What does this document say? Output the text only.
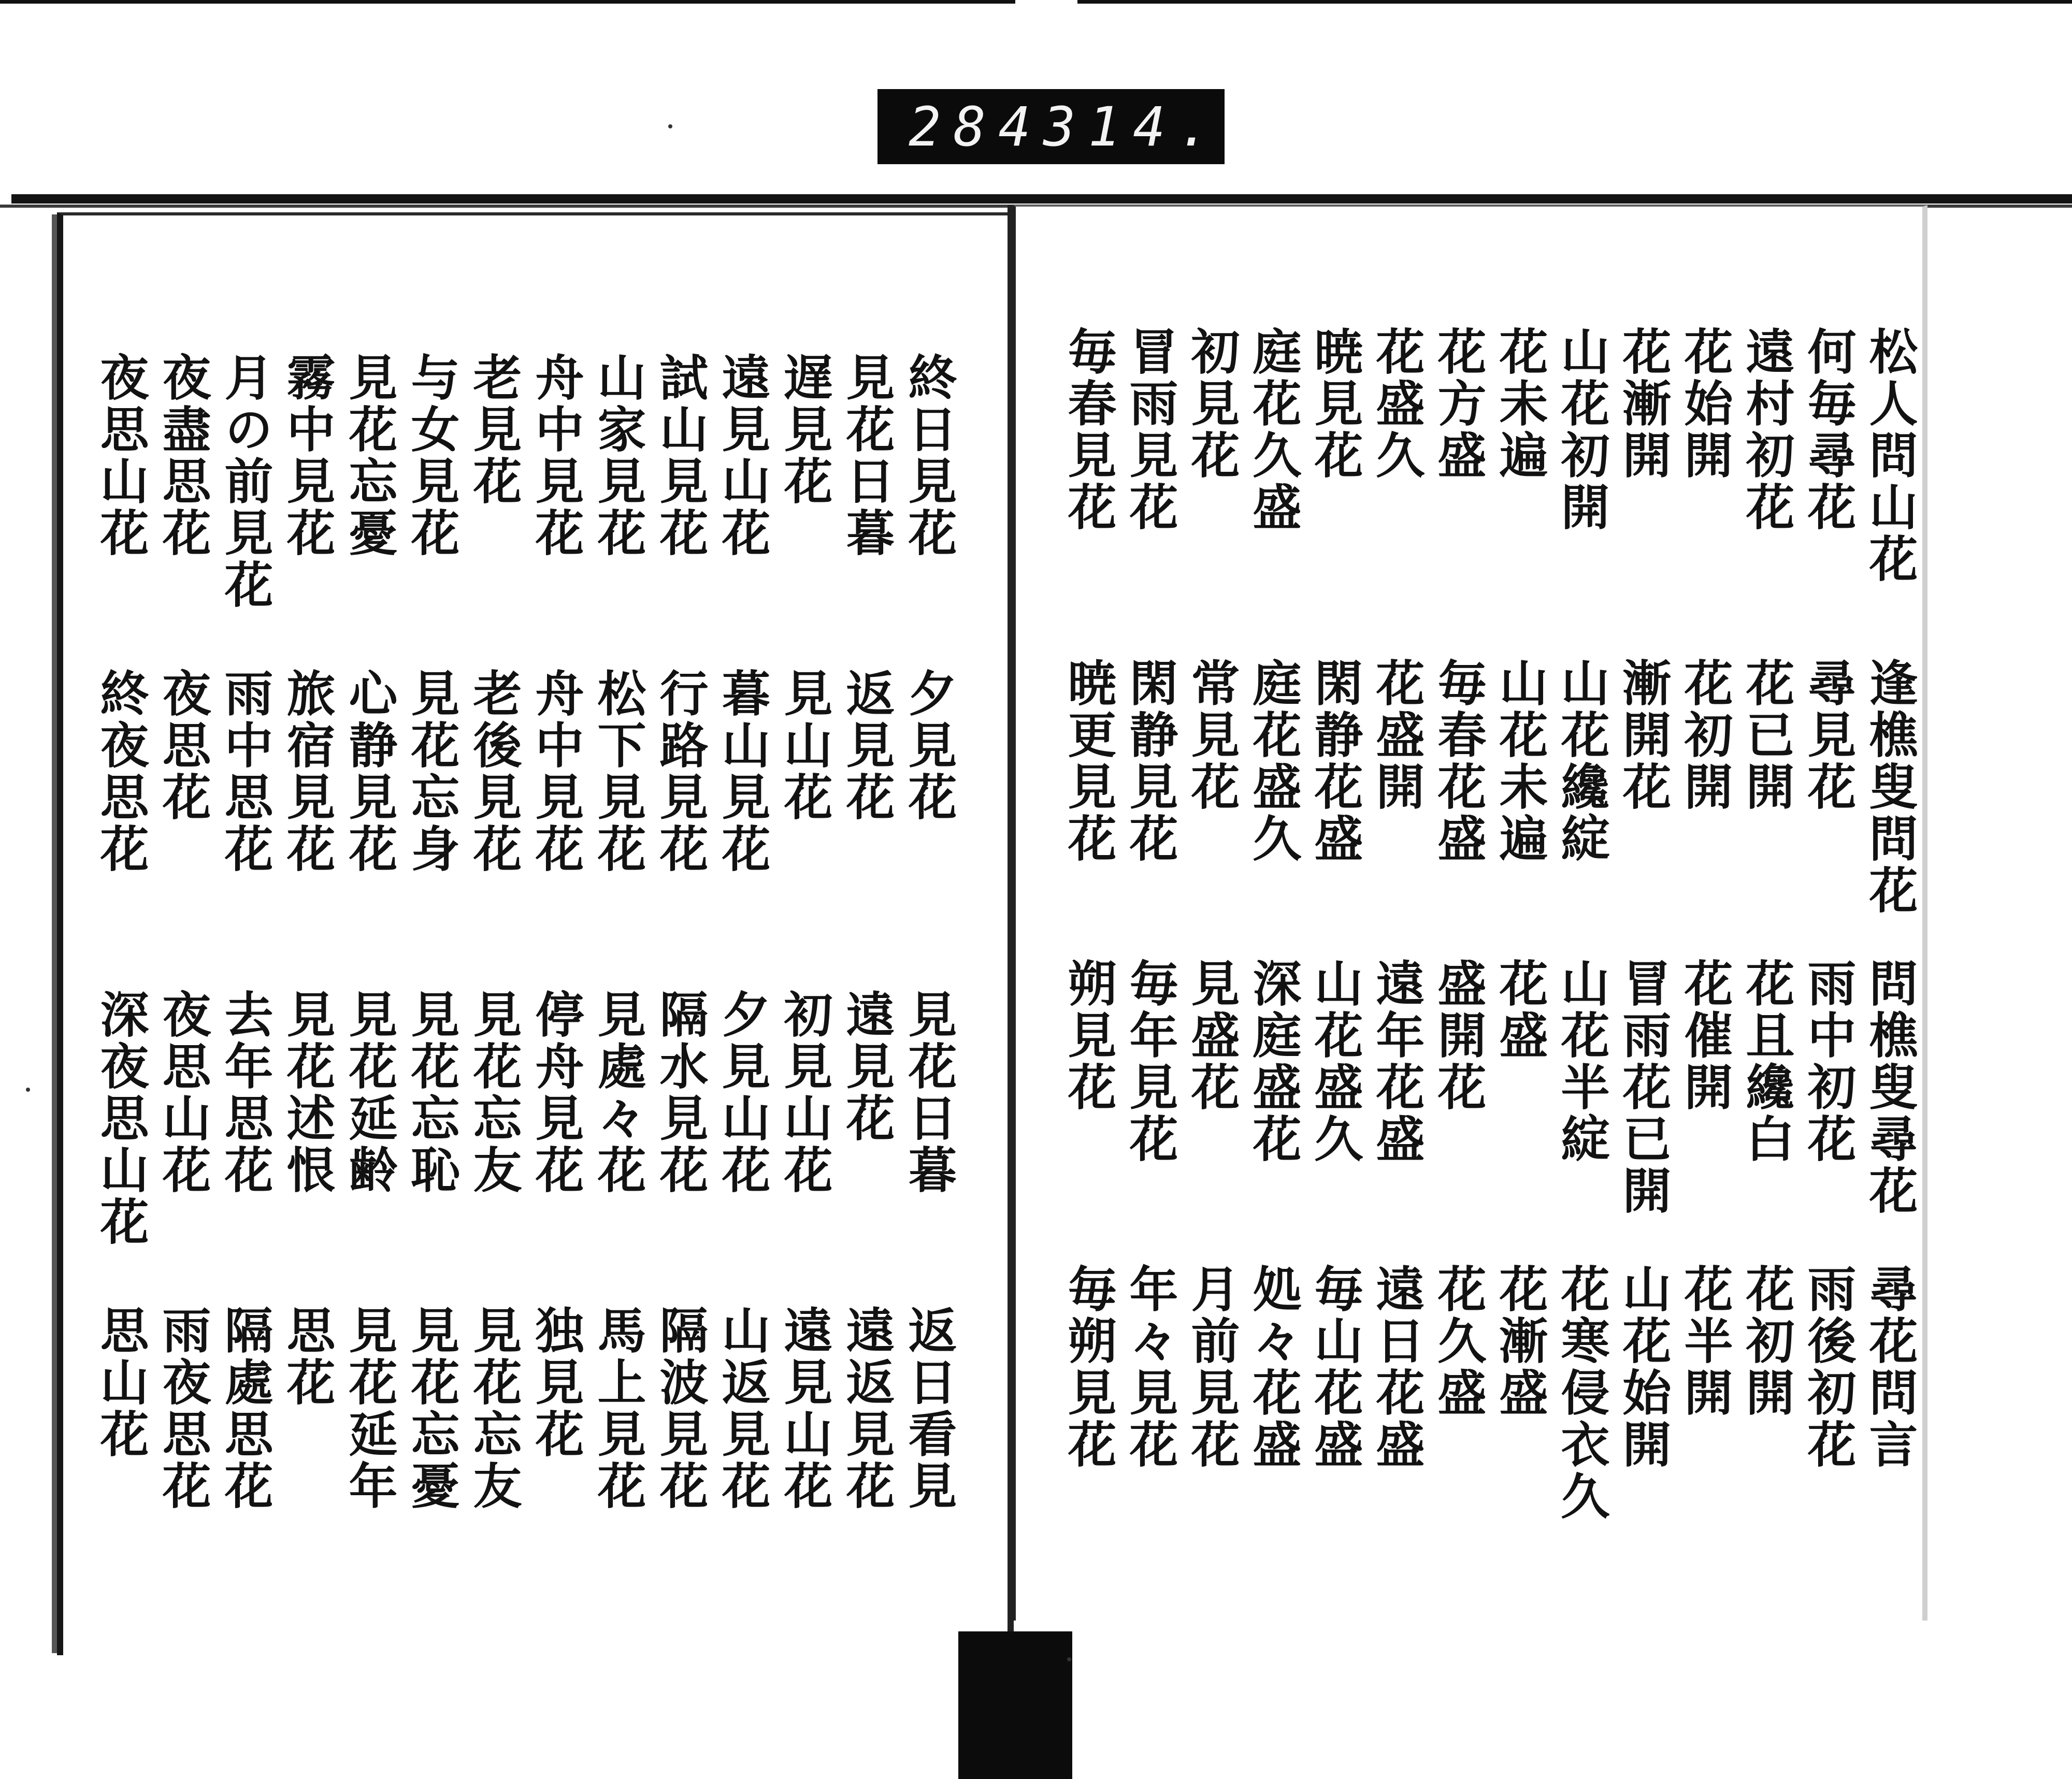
284 314.
松人問山花
何毎尋花
遠村初花
花始開
花漸開
山花初開
花未遍
花方盛
花盛久
暁見花
庭花久盛
初見花
冒雨見花
毎春見花
逢樵叟問花
尋見花
花已開
花初開
漸開花
山花纔綻
山花未遍
毎春花盛
花盛開
閑静花盛
庭花盛久
常見花
閑静見花
暁更見花
問樵叟尋花
雨中初花
花且纔白
花催開
冒雨花已開
山花半綻
花盛
盛開花
遠年花盛
山花盛久
深庭盛花
見盛花
毎年見花
朔見花
尋花問言
雨後初花
花初開
花半開
山花始開
花寒侵衣久
花漸盛
花久盛
遠日花盛
毎山花盛
処々花盛
月前見花
年々見花
毎朔見花
終日見花
見花日暮
遅見花
遠見山花
試山見花
山家見花
舟中見花
老見花
与女見花
見花忘憂
霧中見花
月の前見花
夜盡思花
夜思山花
夕見花
返見花
見山花
暮山見花
行路見花
松下見花
舟中見花
老後見花
見花忘身
心静見花
旅宿見花
雨中思花
夜思花
終夜思花
見花日暮
遠見花
初見山花
夕見山花
隔水見花
見處々花
停舟見花
見花忘友
見花忘恥
見花延齢
見花述恨
去年思花
夜思山花
深夜思山花
返日看見
遠返見花
遠見山花
山返見花
隔波見花
馬上見花
独見花
見花忘友
見花忘憂
見花延年
思花
隔處思花
雨夜思花
思山花
